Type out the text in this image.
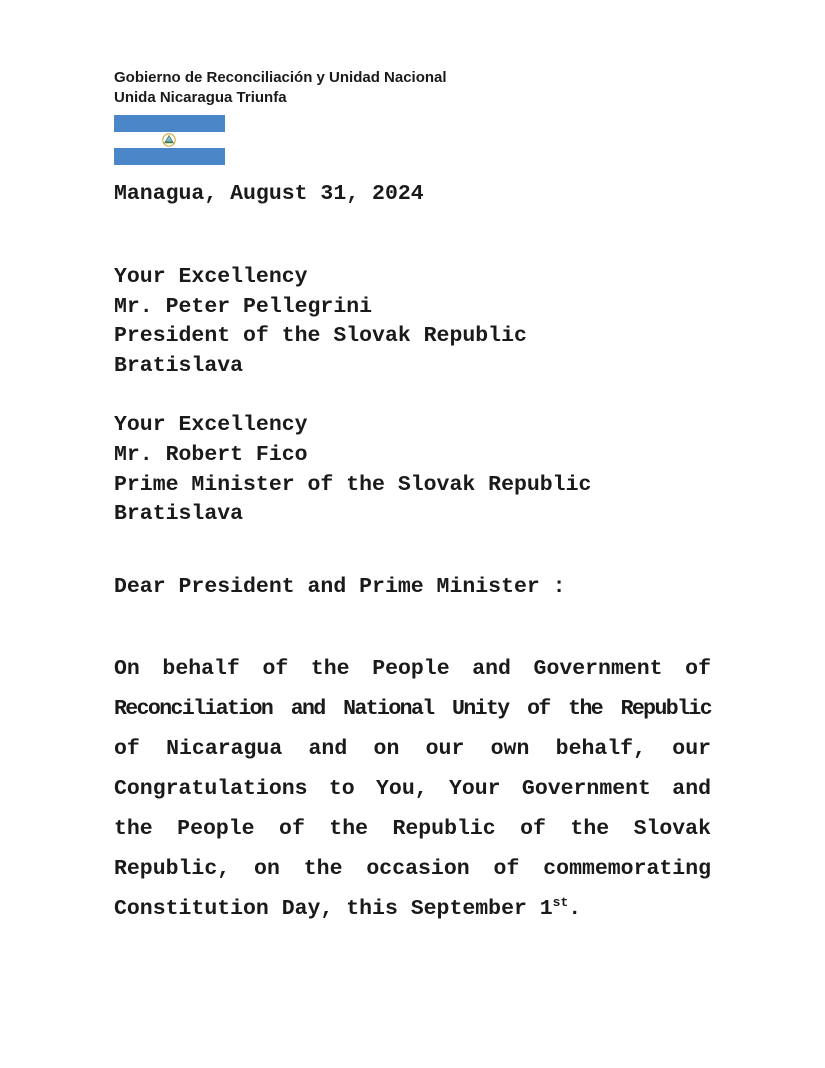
Gobierno de Reconciliación y Unidad Nacional
Unida Nicaragua Triunfa
Managua, August 31, 2024
Your Excellency
Mr. Peter Pellegrini
President of the Slovak Republic
Bratislava
Your Excellency
Mr. Robert Fico
Prime Minister of the Slovak Republic
Bratislava
Dear President and Prime Minister :
On behalf of the People and Government of
Reconciliation and National Unity of the Republic
of Nicaragua and on our own behalf, our
Congratulations to You, Your Government and
the People of the Republic of the Slovak
Republic, on the occasion of commemorating
Constitution Day, this September 1st.
